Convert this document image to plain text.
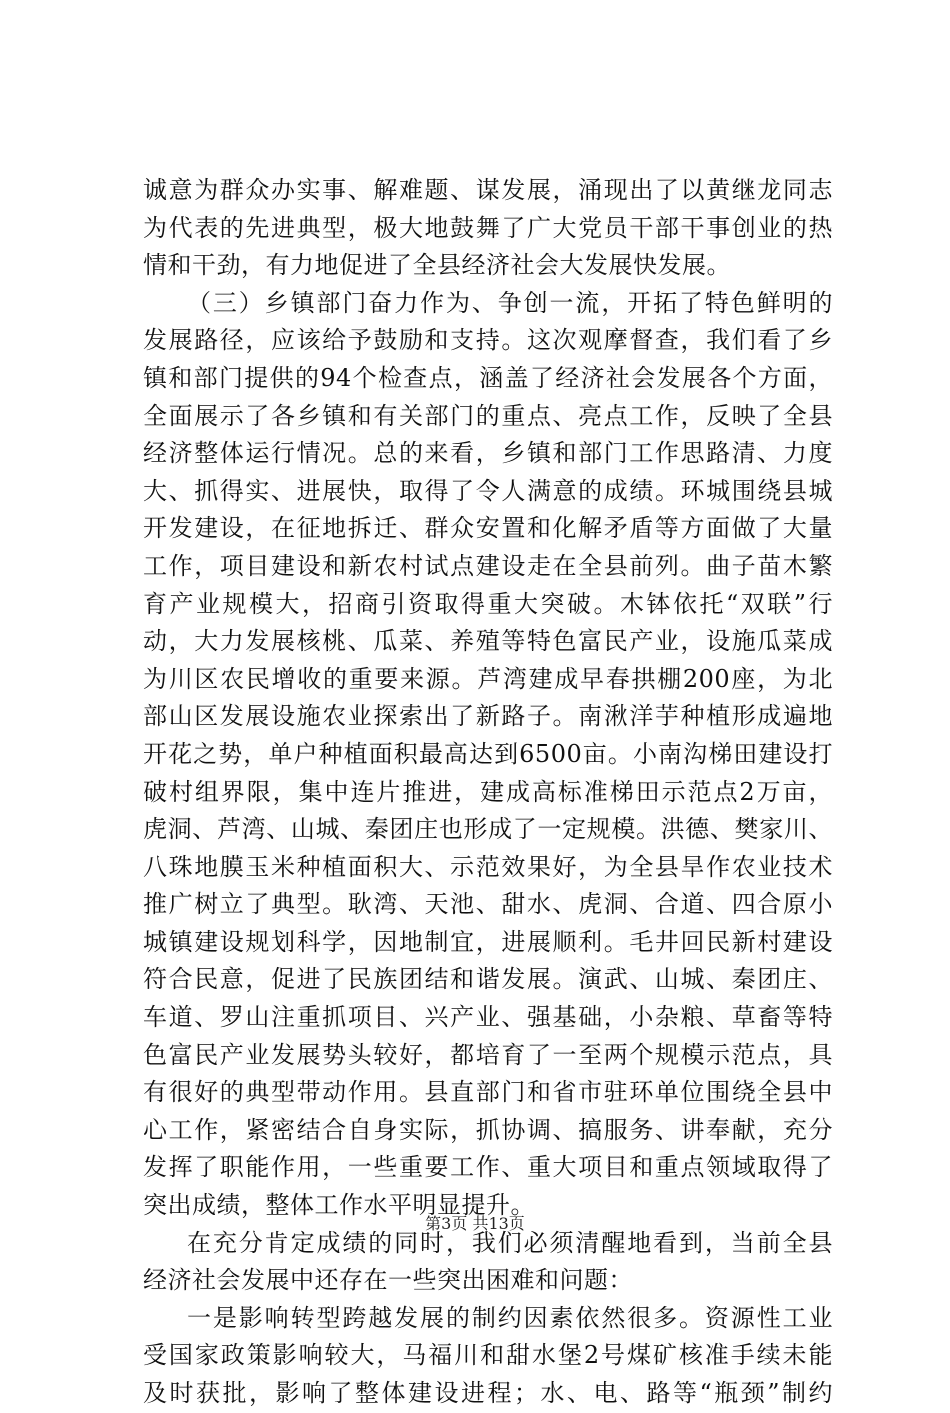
诚意为群众办实事、解难题、谋发展，涌现出了以黄继龙同志
为代表的先进典型，极大地鼓舞了广大党员干部干事创业的热
情和干劲，有力地促进了全县经济社会大发展快发展。
（三）乡镇部门奋力作为、争创一流，开拓了特色鲜明的
发展路径，应该给予鼓励和支持。这次观摩督查，我们看了乡
镇和部门提供的94个检查点，涵盖了经济社会发展各个方面，
全面展示了各乡镇和有关部门的重点、亮点工作，反映了全县
经济整体运行情况。总的来看，乡镇和部门工作思路清、力度
大、抓得实、进展快，取得了令人满意的成绩。环城围绕县城
开发建设，在征地拆迁、群众安置和化解矛盾等方面做了大量
工作，项目建设和新农村试点建设走在全县前列。曲子苗木繁
育产业规模大，招商引资取得重大突破。木钵依托“双联”行
动，大力发展核桃、瓜菜、养殖等特色富民产业，设施瓜菜成
为川区农民增收的重要来源。芦湾建成早春拱棚200座，为北
部山区发展设施农业探索出了新路子。南湫洋芋种植形成遍地
开花之势，单户种植面积最高达到6500亩。小南沟梯田建设打
破村组界限，集中连片推进，建成高标准梯田示范点2万亩，
虎洞、芦湾、山城、秦团庄也形成了一定规模。洪德、樊家川、
八珠地膜玉米种植面积大、示范效果好，为全县旱作农业技术
推广树立了典型。耿湾、天池、甜水、虎洞、合道、四合原小
城镇建设规划科学，因地制宜，进展顺利。毛井回民新村建设
符合民意，促进了民族团结和谐发展。演武、山城、秦团庄、
车道、罗山注重抓项目、兴产业、强基础，小杂粮、草畜等特
色富民产业发展势头较好，都培育了一至两个规模示范点，具
有很好的典型带动作用。县直部门和省市驻环单位围绕全县中
心工作，紧密结合自身实际，抓协调、搞服务、讲奉献，充分
发挥了职能作用，一些重要工作、重大项目和重点领域取得了
突出成绩，整体工作水平明显提升。
在充分肯定成绩的同时，我们必须清醒地看到，当前全县
经济社会发展中还存在一些突出困难和问题：
一是影响转型跨越发展的制约因素依然很多。资源性工业
受国家政策影响较大，马福川和甜水堡2号煤矿核准手续未能
及时获批，影响了整体建设进程；水、电、路等“瓶颈”制约
第3页 共13页
